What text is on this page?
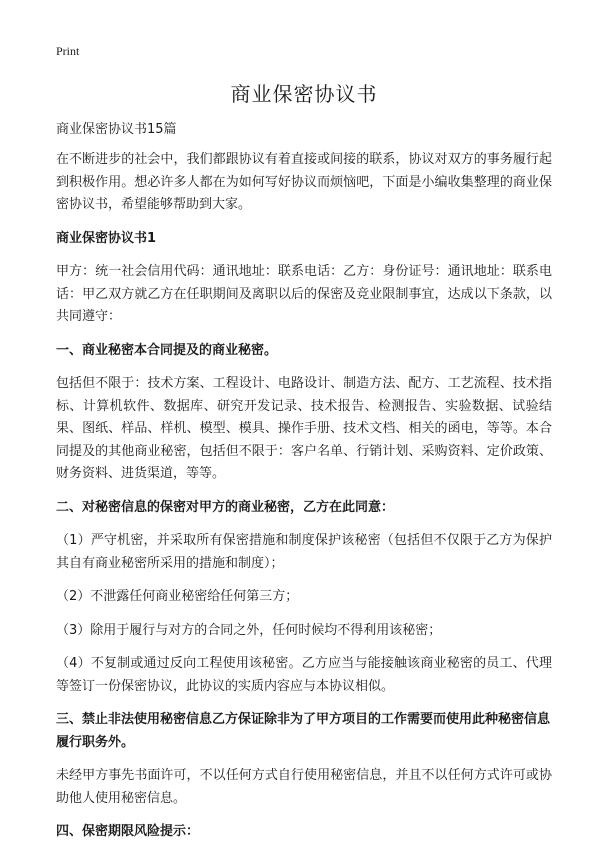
Print
商业保密协议书
商业保密协议书15篇

在不断进步的社会中，我们都跟协议有着直接或间接的联系，协议对双方的事务履行起到积极作用。想必许多人都在为如何写好协议而烦恼吧，下面是小编收集整理的商业保密协议书，希望能够帮助到大家。

商业保密协议书1

甲方：统一社会信用代码：通讯地址：联系电话：乙方：身份证号：通讯地址：联系电话：甲乙双方就乙方在任职期间及离职以后的保密及竞业限制事宜，达成以下条款，以共同遵守：

一、商业秘密本合同提及的商业秘密。

包括但不限于：技术方案、工程设计、电路设计、制造方法、配方、工艺流程、技术指标、计算机软件、数据库、研究开发记录、技术报告、检测报告、实验数据、试验结果、图纸、样品、样机、模型、模具、操作手册、技术文档、相关的函电，等等。本合同提及的其他商业秘密，包括但不限于：客户名单、行销计划、采购资料、定价政策、财务资料、进货渠道，等等。

二、对秘密信息的保密对甲方的商业秘密，乙方在此同意：

（1）严守机密，并采取所有保密措施和制度保护该秘密（包括但不仅限于乙方为保护其自有商业秘密所采用的措施和制度）；

（2）不泄露任何商业秘密给任何第三方；

（3）除用于履行与对方的合同之外，任何时候均不得利用该秘密；

（4）不复制或通过反向工程使用该秘密。乙方应当与能接触该商业秘密的员工、代理等签订一份保密协议，此协议的实质内容应与本协议相似。

三、禁止非法使用秘密信息乙方保证除非为了甲方项目的工作需要而使用此种秘密信息履行职务外。

未经甲方事先书面许可，不以任何方式自行使用秘密信息，并且不以任何方式许可或协助他人使用秘密信息。

四、保密期限风险提示：
